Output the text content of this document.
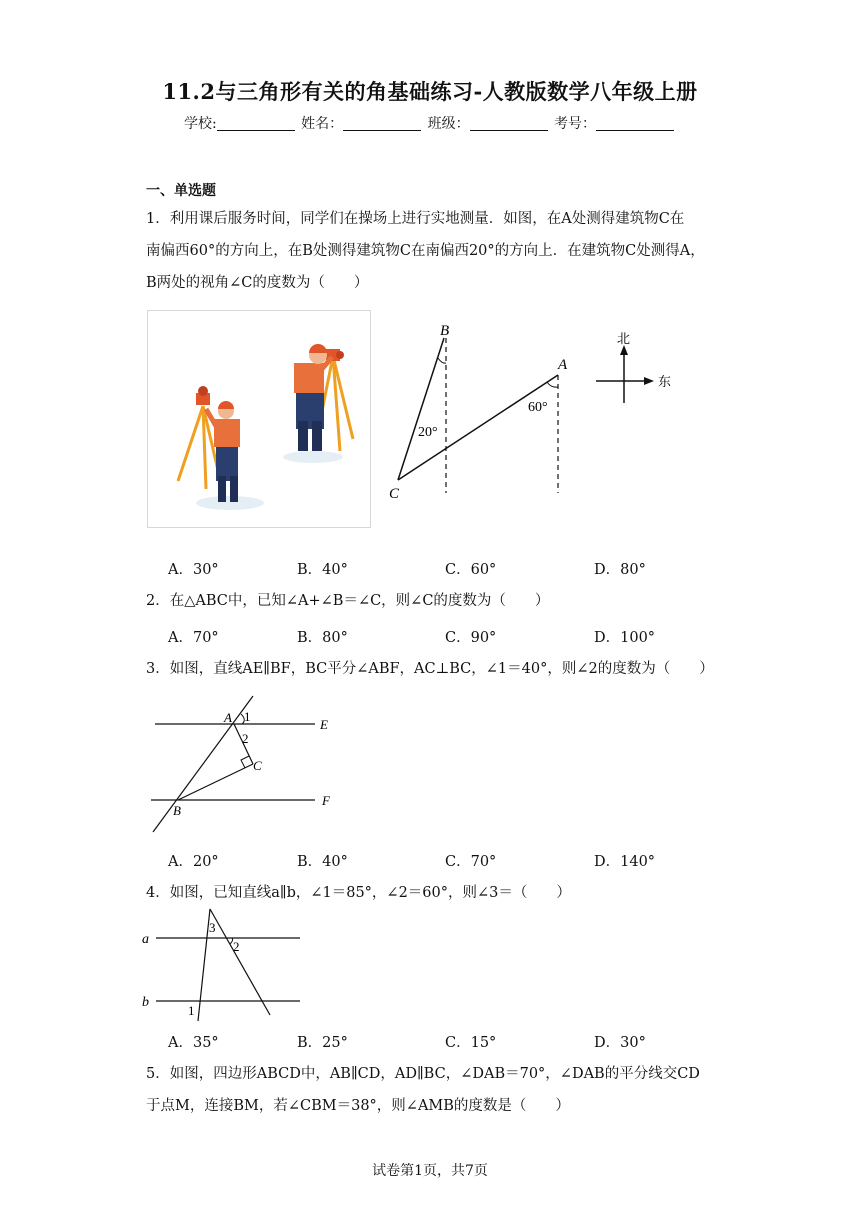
11.2与三角形有关的角基础练习-人教版数学八年级上册
学校:	姓名：	班级：	考号：
一、单选题
1．利用课后服务时间，同学们在操场上进行实地测量．如图，在A处测得建筑物C在
南偏西60°的方向上，在B处测得建筑物C在南偏西20°的方向上．在建筑物C处测得A，
B两处的视角∠C的度数为（　　）
B
A
C
20°
60°
北
东
A．30°	B．40°	C．60°	D．80°
2．在△ABC中，已知∠A+∠B＝∠C，则∠C的度数为（　　）
A．70°	B．80°	C．90°	D．100°
3．如图，直线AE∥BF，BC平分∠ABF，AC⊥BC，∠1＝40°，则∠2的度数为（　　）
A 1
2
E
C
B
F
A．20°	B．40°	C．70°	D．140°
4．如图，已知直线a∥b，∠1＝85°，∠2＝60°，则∠3＝（　　）
a
b
3
2
1
A．35°	B．25°	C．15°	D．30°
5．如图，四边形ABCD中，AB∥CD，AD∥BC，∠DAB＝70°，∠DAB的平分线交CD
于点M，连接BM，若∠CBM＝38°，则∠AMB的度数是（　　）
试卷第1页，共7页
